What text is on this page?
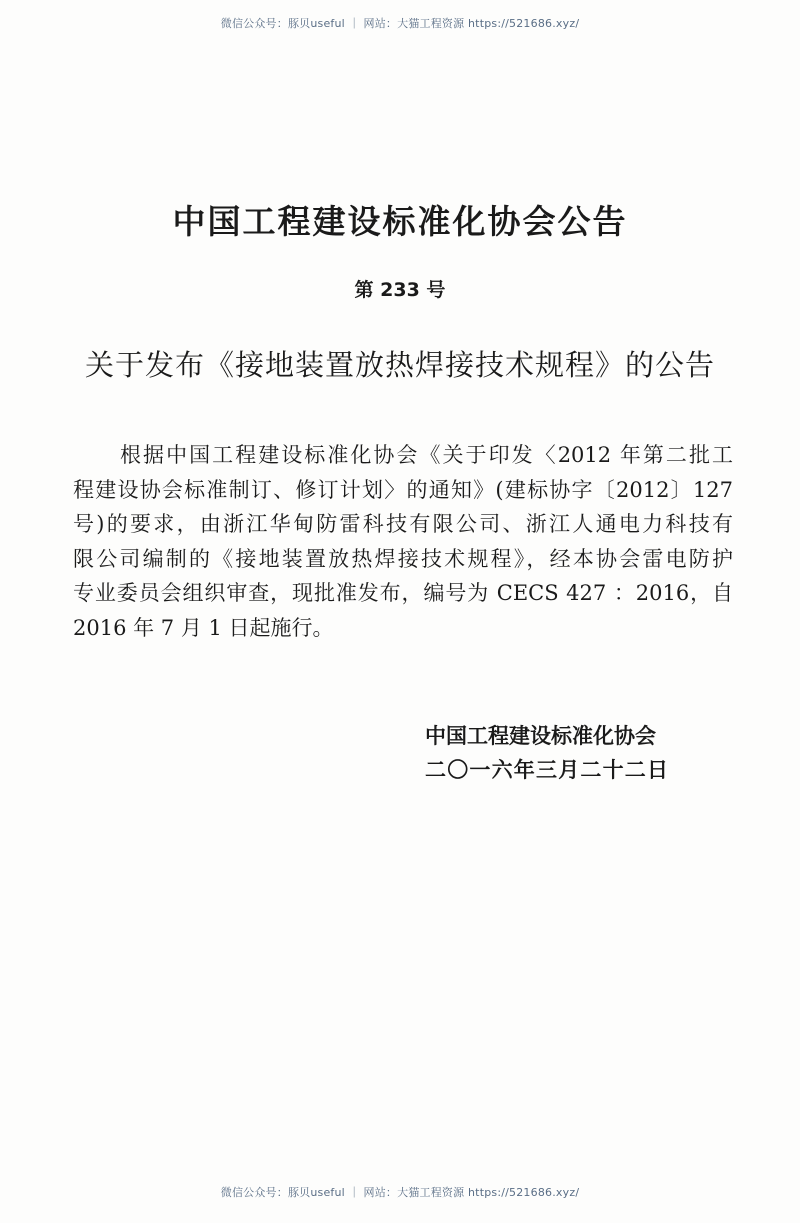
微信公众号：豚贝useful ｜ 网站：大猫工程资源 https://521686.xyz/
中国工程建设标准化协会公告
第 233 号
关于发布《接地装置放热焊接技术规程》的公告
根据中国工程建设标准化协会《关于印发〈2012 年第二批工
程建设协会标准制订、修订计划〉的通知》(建标协字〔2012〕127
号)的要求，由浙江华甸防雷科技有限公司、浙江人通电力科技有
限公司编制的《接地装置放热焊接技术规程》，经本协会雷电防护
专业委员会组织审查，现批准发布，编号为 CECS 427 ：2016，自
2016 年 7 月 1 日起施行。
中国工程建设标准化协会
二〇一六年三月二十二日
微信公众号：豚贝useful ｜ 网站：大猫工程资源 https://521686.xyz/
